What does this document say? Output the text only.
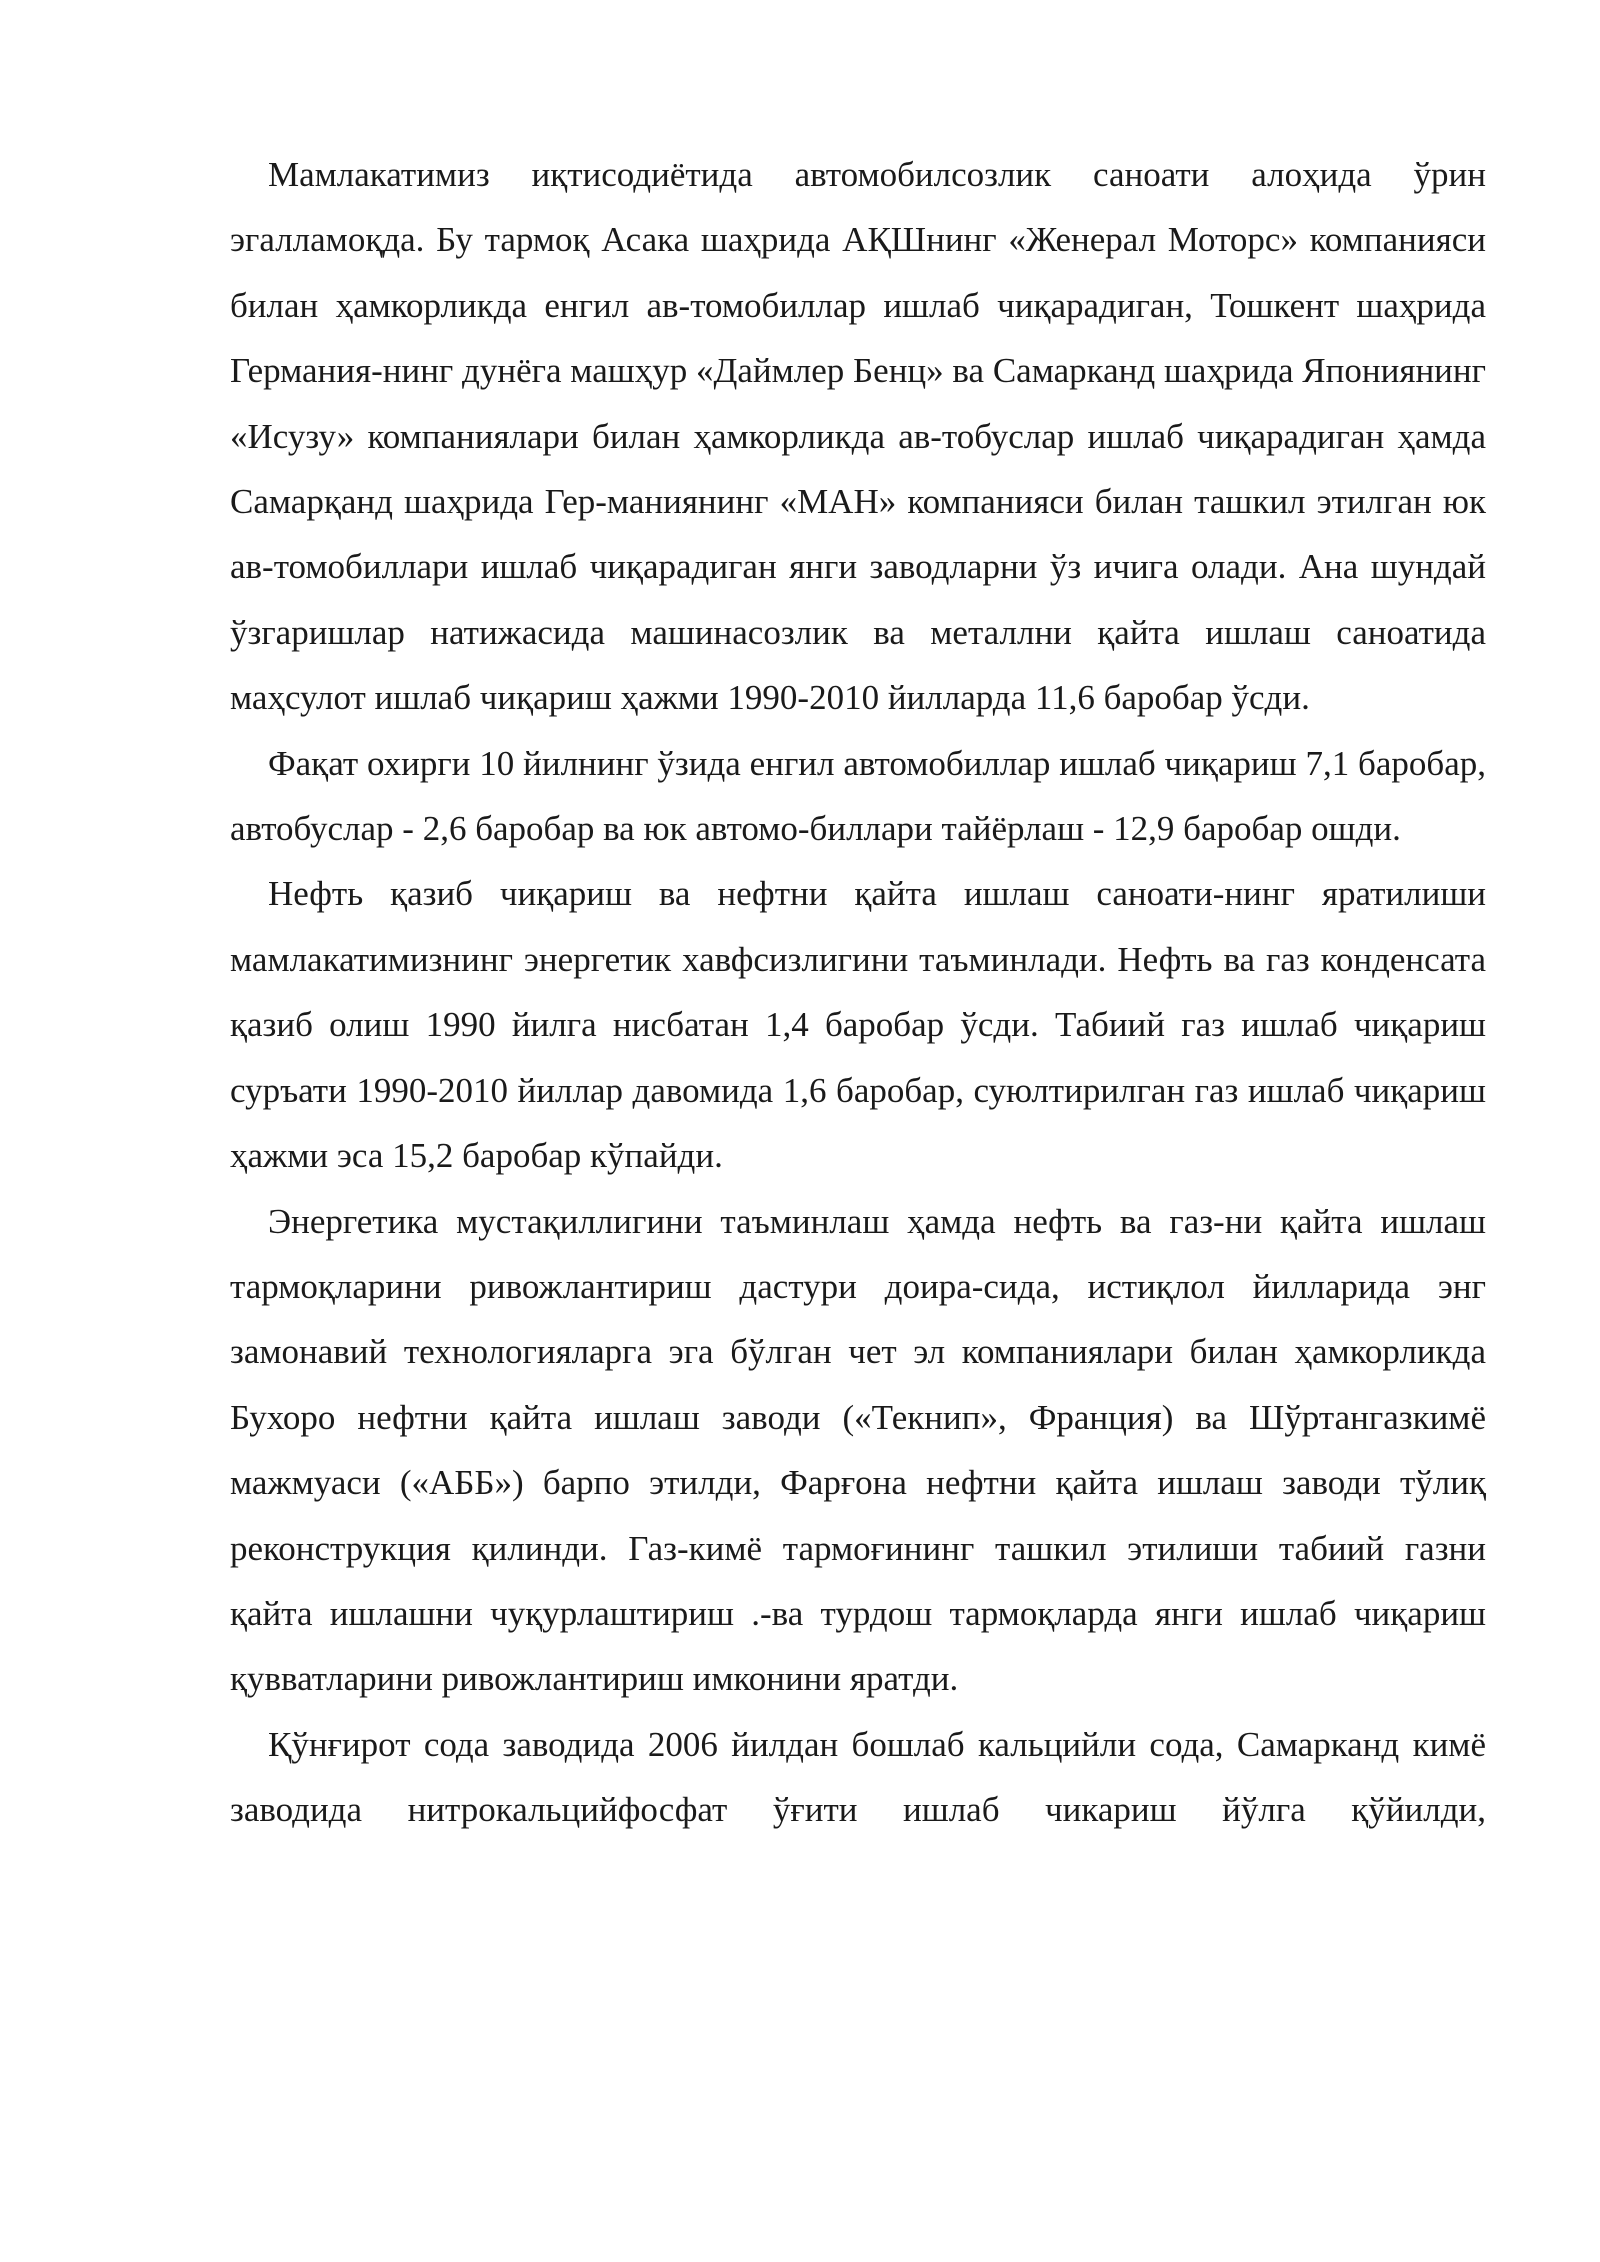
Мамлакатимиз иқтисодиётида автомобилсозлик саноати алоҳида ўрин эгалламоқда. Бу тармоқ Асака шаҳрида АҚШнинг «Женерал Моторс» компанияси билан ҳамкорликда енгил ав-томобиллар ишлаб чиқарадиган, Тошкент шаҳрида Германия-нинг дунёга машҳур «Даймлер Бенц» ва Самарканд шаҳрида Япониянинг «Исузу» компаниялари билан ҳамкорликда ав-тобуслар ишлаб чиқарадиган ҳамда Самарқанд шаҳрида Гер-маниянинг «МАН» компанияси билан ташкил этилган юк ав-томобиллари ишлаб чиқарадиган янги заводларни ўз ичига олади. Ана шундай ўзгаришлар натижасида машинасозлик ва металлни қайта ишлаш саноатида маҳсулот ишлаб чиқариш ҳажми 1990-2010 йилларда 11,6 баробар ўсди.

Фақат охирги 10 йилнинг ўзида енгил автомобиллар ишлаб чиқариш 7,1 баробар, автобуслар - 2,6 баробар ва юк автомо-биллари тайёрлаш - 12,9 баробар ошди.

Нефть қазиб чиқариш ва нефтни қайта ишлаш саноати-нинг яратилиши мамлакатимизнинг энергетик хавфсизлигини таъминлади. Нефть ва газ конденсата қазиб олиш 1990 йилга нисбатан 1,4 баробар ўсди. Табиий газ ишлаб чиқариш суръати 1990-2010 йиллар давомида 1,6 баробар, суюлтирилган газ ишлаб чиқариш ҳажми эса 15,2 баробар кўпайди.

Энергетика мустақиллигини таъминлаш ҳамда нефть ва газ-ни қайта ишлаш тармоқларини ривожлантириш дастури доира-сида, истиқлол йилларида энг замонавий технологияларга эга бўлган чет эл компаниялари билан ҳамкорликда Бухоро нефтни қайта ишлаш заводи («Текнип», Франция) ва Шўртангазкимё мажмуаси («АББ») барпо этилди, Фарғона нефтни қайта ишлаш заводи тўлиқ реконструкция қилинди. Газ-кимё тармоғининг ташкил этилиши табиий газни қайта ишлашни чуқурлаштириш .-ва турдош тармоқларда янги ишлаб чиқариш қувватларини ривожлантириш имконини яратди.

Қўнғирот сода заводида 2006 йилдан бошлаб кальцийли сода, Самарканд кимё заводида нитрокальцийфосфат ўғити ишлаб чикариш йўлга қўйилди,
